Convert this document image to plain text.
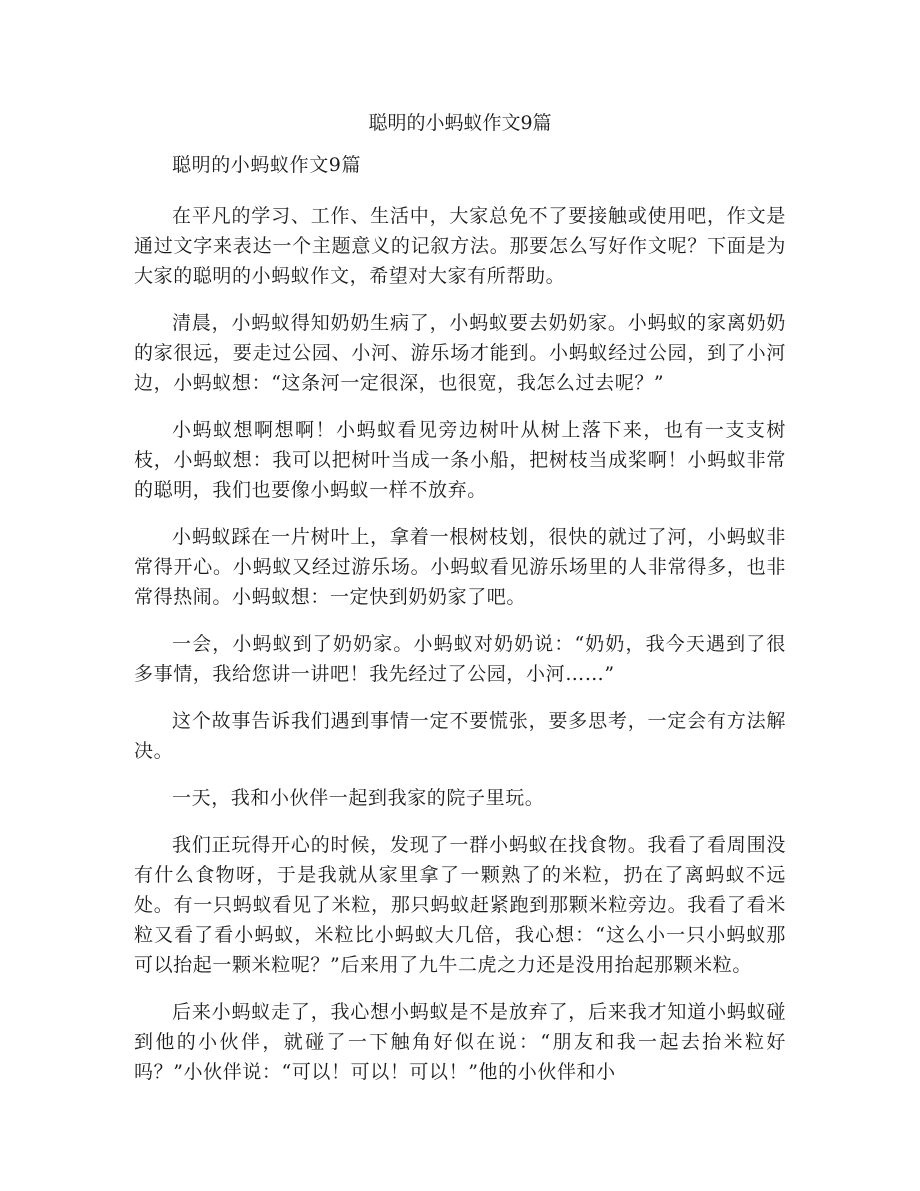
聪明的小蚂蚁作文9篇

聪明的小蚂蚁作文9篇

在平凡的学习、工作、生活中，大家总免不了要接触或使用吧，作文是通过文字来表达一个主题意义的记叙方法。那要怎么写好作文呢？下面是为大家的聪明的小蚂蚁作文，希望对大家有所帮助。

清晨，小蚂蚁得知奶奶生病了，小蚂蚁要去奶奶家。小蚂蚁的家离奶奶的家很远，要走过公园、小河、游乐场才能到。小蚂蚁经过公园，到了小河边，小蚂蚁想：“这条河一定很深，也很宽，我怎么过去呢？”

小蚂蚁想啊想啊！小蚂蚁看见旁边树叶从树上落下来，也有一支支树枝，小蚂蚁想：我可以把树叶当成一条小船，把树枝当成桨啊！小蚂蚁非常的聪明，我们也要像小蚂蚁一样不放弃。

小蚂蚁踩在一片树叶上，拿着一根树枝划，很快的就过了河，小蚂蚁非常得开心。小蚂蚁又经过游乐场。小蚂蚁看见游乐场里的人非常得多，也非常得热闹。小蚂蚁想：一定快到奶奶家了吧。

一会，小蚂蚁到了奶奶家。小蚂蚁对奶奶说：“奶奶，我今天遇到了很多事情，我给您讲一讲吧！我先经过了公园，小河……”

这个故事告诉我们遇到事情一定不要慌张，要多思考，一定会有方法解决。

一天，我和小伙伴一起到我家的院子里玩。

我们正玩得开心的时候，发现了一群小蚂蚁在找食物。我看了看周围没有什么食物呀，于是我就从家里拿了一颗熟了的米粒，扔在了离蚂蚁不远处。有一只蚂蚁看见了米粒，那只蚂蚁赶紧跑到那颗米粒旁边。我看了看米粒又看了看小蚂蚁，米粒比小蚂蚁大几倍，我心想：“这么小一只小蚂蚁那可以抬起一颗米粒呢？”后来用了九牛二虎之力还是没用抬起那颗米粒。

后来小蚂蚁走了，我心想小蚂蚁是不是放弃了，后来我才知道小蚂蚁碰到他的小伙伴，就碰了一下触角好似在说：“朋友和我一起去抬米粒好吗？”小伙伴说：“可以！可以！可以！”他的小伙伴和小
